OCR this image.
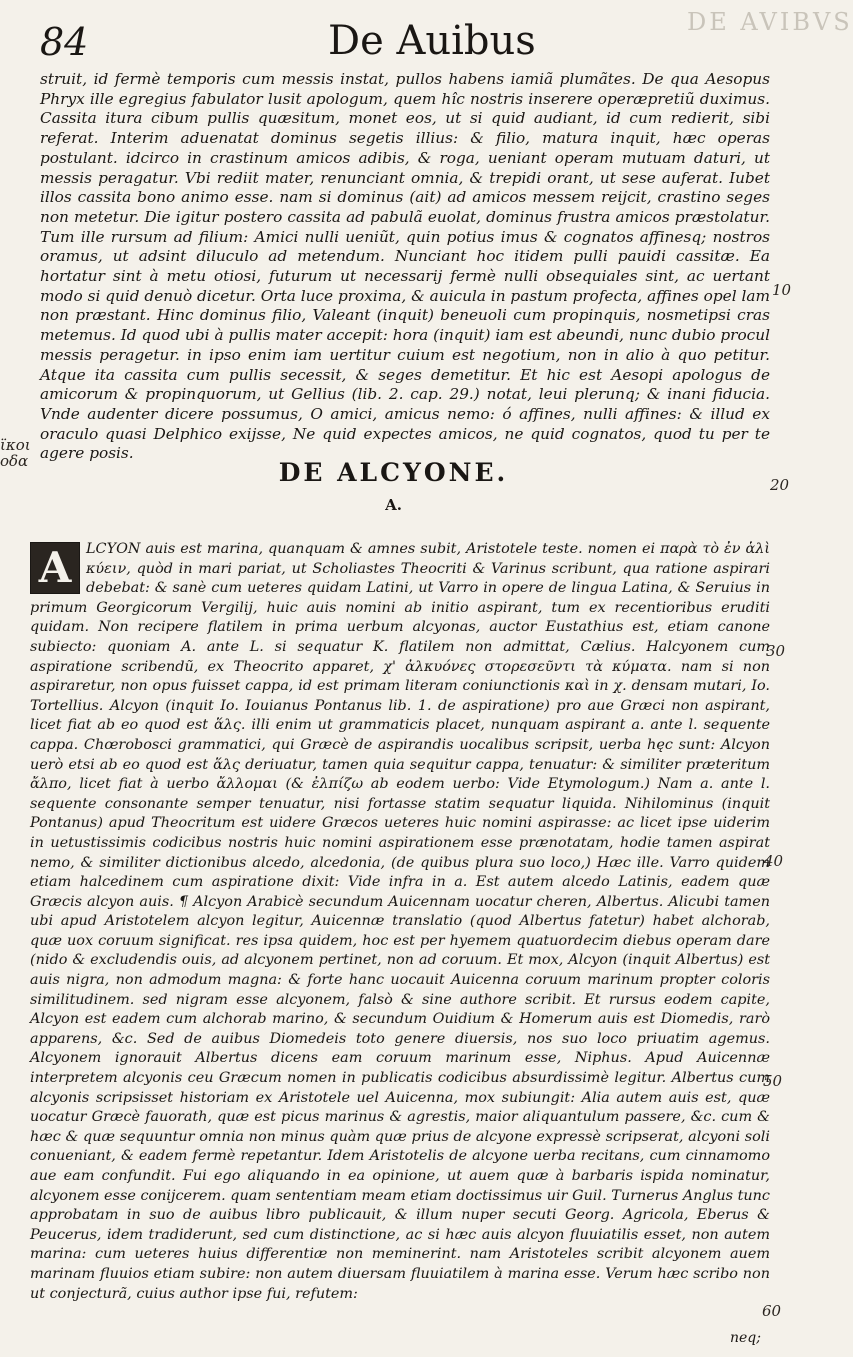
DE AVIBVS
84	De Auibus
struit, id fermè temporis cum messis instat, pullos habens iamiã plumãtes. De qua Aesopus Phryx ille egregius fabulator lusit apologum, quem hîc nostris inserere operæpretiũ duximus. Cassita itura cibum pullis quæsitum, monet eos, ut si quid audiant, id cum redierit, sibi referat. Interim aduenatat dominus segetis illius: & filio, matura inquit, hæc operas postulant. idcirco in crastinum amicos adibis, & roga, ueniant operam mutuam daturi, ut messis peragatur. Vbi rediit mater, renunciant omnia, & trepidi orant, ut sese auferat. Iubet illos cassita bono animo esse. nam si dominus (ait) ad amicos messem reijcit, crastino seges non metetur. Die igitur postero cassita ad pabulã euolat, dominus frustra amicos præstolatur. Tum ille rursum ad filium: Amici nulli ueniũt, quin potius imus & cognatos affinesq; nostros oramus, ut adsint diluculo ad metendum. Nunciant hoc itidem pulli pauidi cassitæ. Ea hortatur sint à metu otiosi, futurum ut necessarij fermè nulli obsequiales sint, ac uertant modo si quid denuò dicetur. Orta luce proxima, & auicula in pastum profecta, affines opel lam non præstant. Hinc dominus filio, Valeant (inquit) beneuoli cum propinquis, nosmetipsi cras metemus. Id quod ubi à pullis mater accepit: hora (inquit) iam est abeundi, nunc dubio procul messis peragetur. in ipso enim iam uertitur cuium est negotium, non in alio à quo petitur. Atque ita cassita cum pullis secessit, & seges demetitur. Et hic est Aesopi apologus de amicorum & propinquorum, ut Gellius (lib. 2. cap. 29.) notat, leui plerunq; & inani fiducia. Vnde audenter dicere possumus, O amici, amicus nemo: ó affines, nulli affines: & illud ex oraculo quasi Delphico exijsse, Ne quid expectes amicos, ne quid cognatos, quod tu per te agere posis.
ϊκοι
οδα
10
20
30
40
50
60
DE ALCYONE.
A.
A	LCYON auis est marina, quanquam & amnes subit, Aristotele teste. nomen ei παρὰ τὸ ἐν ἁλὶ κύειν, quòd in mari pariat, ut Scholiastes Theocriti & Varinus scribunt, qua ratione aspirari debebat: & sanè cum ueteres quidam Latini, ut Varro in opere de lingua Latina, & Seruius in primum Georgicorum Vergilij, huic auis nomini ab initio aspirant, tum ex recentioribus eruditi quidam. Non recipere flatilem in prima uerbum alcyonas, auctor Eustathius est, etiam canone subiecto: quoniam A. ante L. si sequatur K. flatilem non admittat, Cælius. Halcyonem cum aspiratione scribendũ, ex Theocrito apparet, χ' ἀλκυόνες στορεσεῦντι τὰ κύματα. nam si non aspiraretur, non opus fuisset cappa, id est primam literam coniunctionis καὶ in χ. densam mutari, Io. Tortellius. Alcyon (inquit Io. Iouianus Pontanus lib. 1. de aspiratione) pro aue Græci non aspirant, licet fiat ab eo quod est ἅλς. illi enim ut grammaticis placet, nunquam aspirant a. ante l. sequente cappa. Chœrobosci grammatici, qui Græcè de aspirandis uocalibus scripsit, uerba hęc sunt: Alcyon uerò etsi ab eo quod est ἅλς deriuatur, tamen quia sequitur cappa, tenuatur: & similiter præteritum ἄλπο, licet fiat à uerbo ἄλλομαι (& ἐλπίζω ab eodem uerbo: Vide Etymologum.) Nam a. ante l. sequente consonante semper tenuatur, nisi fortasse statim sequatur liquida. Nihilominus (inquit Pontanus) apud Theocritum est uidere Græcos ueteres huic nomini aspirasse: ac licet ipse uiderim in uetustissimis codicibus nostris huic nomini aspirationem esse prænotatam, hodie tamen aspirat nemo, & similiter dictionibus alcedo, alcedonia, (de quibus plura suo loco,) Hæc ille. Varro quidem etiam halcedinem cum aspiratione dixit: Vide infra in a. Est autem alcedo Latinis, eadem quæ Græcis alcyon auis. ¶ Alcyon Arabicè secundum Auicennam uocatur cheren, Albertus. Alicubi tamen ubi apud Aristotelem alcyon legitur, Auicennæ translatio (quod Albertus fatetur) habet alchorab, quæ uox coruum significat. res ipsa quidem, hoc est per hyemem quatuordecim diebus operam dare (nido & excludendis ouis, ad alcyonem pertinet, non ad coruum. Et mox, Alcyon (inquit Albertus) est auis nigra, non admodum magna: & forte hanc uocauit Auicenna coruum marinum propter coloris similitudinem. sed nigram esse alcyonem, falsò & sine authore scribit. Et rursus eodem capite, Alcyon est eadem cum alchorab marino, & secundum Ouidium & Homerum auis est Diomedis, rarò apparens, &c. Sed de auibus Diomedeis toto genere diuersis, nos suo loco priuatim agemus. Alcyonem ignorauit Albertus dicens eam coruum marinum esse, Niphus. Apud Auicennæ interpretem alcyonis ceu Græcum nomen in publicatis codicibus absurdissimè legitur. Albertus cum alcyonis scripsisset historiam ex Aristotele uel Auicenna, mox subiungit: Alia autem auis est, quæ uocatur Græcè fauorath, quæ est picus marinus & agrestis, maior aliquantulum passere, &c. cum & hæc & quæ sequuntur omnia non minus quàm quæ prius de alcyone expressè scripserat, alcyoni soli conueniant, & eadem fermè repetantur. Idem Aristotelis de alcyone uerba recitans, cum cinnamomo aue eam confundit. Fui ego aliquando in ea opinione, ut auem quæ à barbaris ispida nominatur, alcyonem esse conijcerem. quam sententiam meam etiam doctissimus uir Guil. Turnerus Anglus tunc approbatam in suo de auibus libro publicauit, & illum nuper secuti Georg. Agricola, Eberus & Peucerus, idem tradiderunt, sed cum distinctione, ac si hæc auis alcyon fluuiatilis esset, non autem marina: cum ueteres huius differentiæ non meminerint. nam Aristoteles scribit alcyonem auem marinam fluuios etiam subire: non autem diuersam fluuiatilem à marina esse. Verum hæc scribo non ut conjecturã, cuius author ipse fui, refutem:
neq;
